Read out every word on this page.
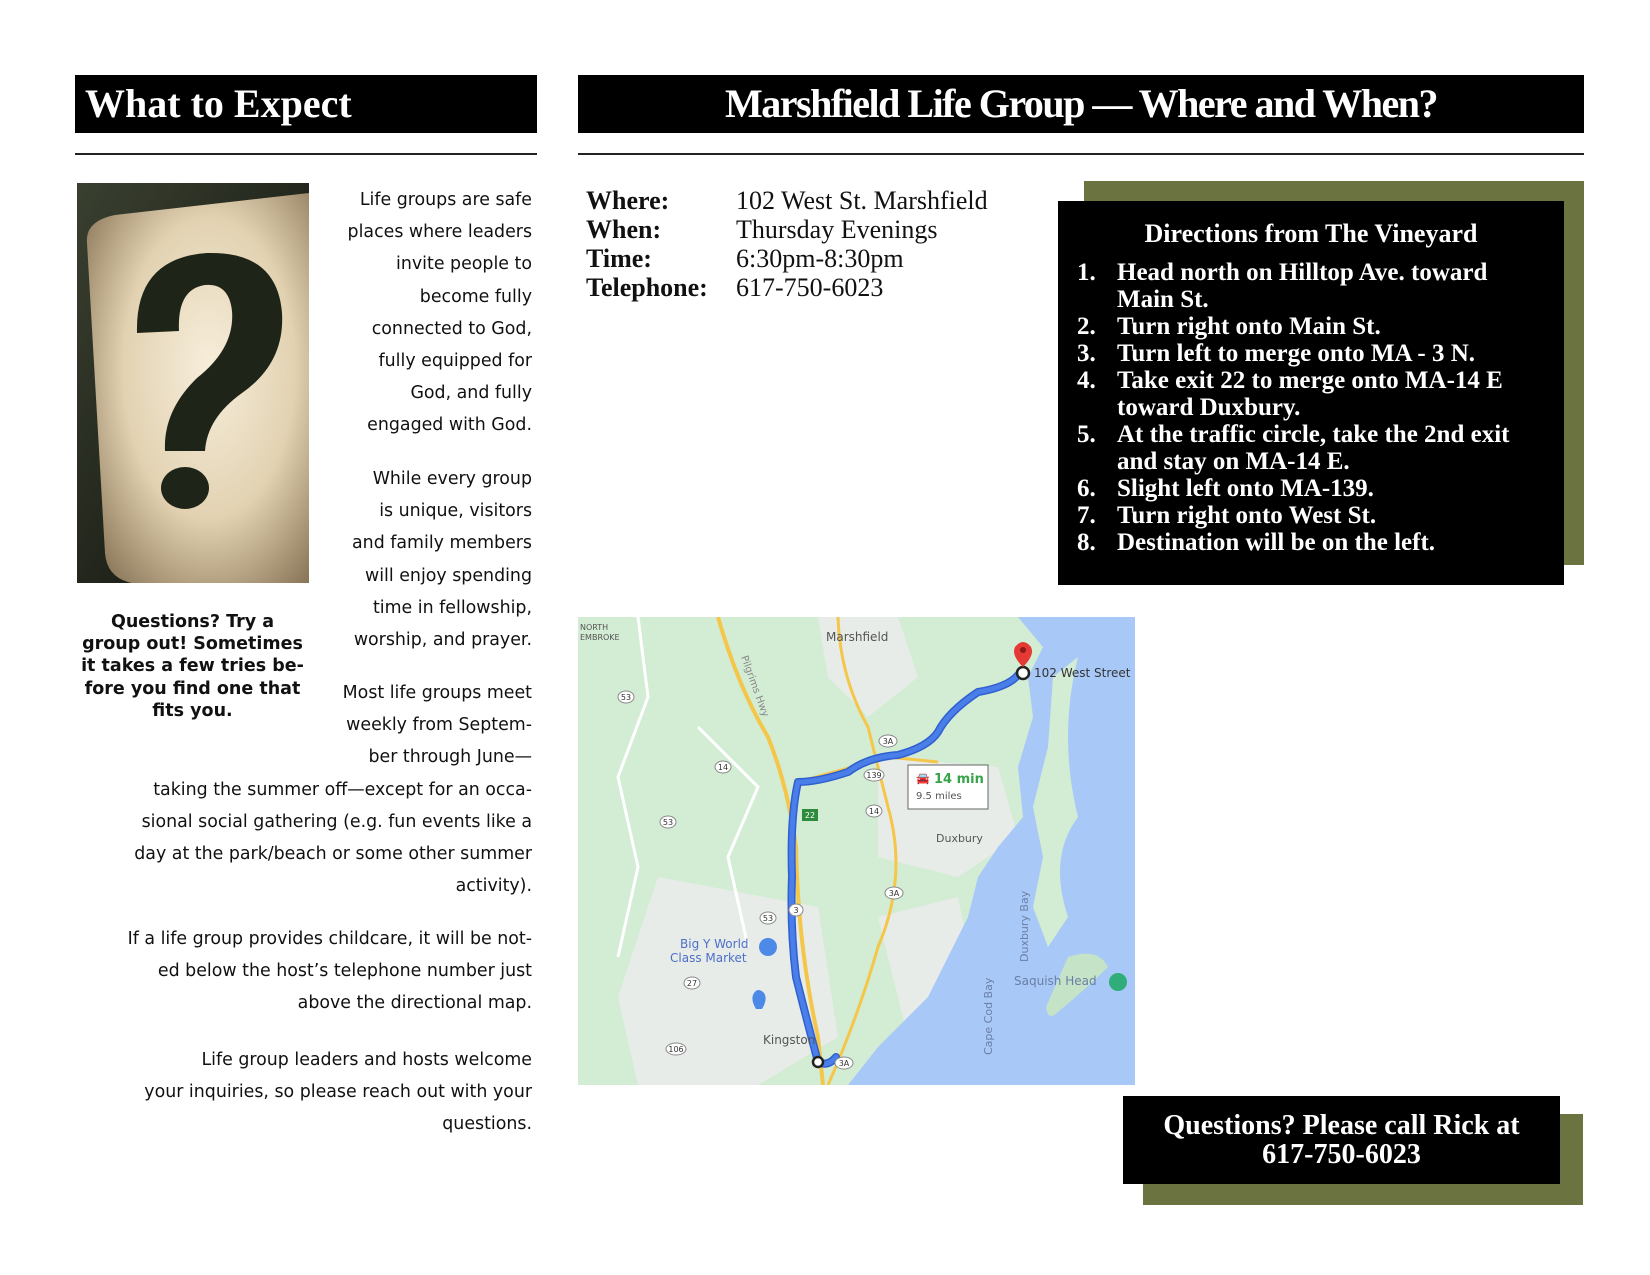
What to Expect
Questions? Try a
group out! Sometimes
it takes a few tries be-
fore you find one that
fits you.
Life groups are safe
places where leaders
invite people to
become fully
connected to God,
fully equipped for
God, and fully
engaged with God.
While every group
is unique, visitors
and family members
will enjoy spending
time in fellowship,
worship, and prayer.
Most life groups meet
weekly from Septem-
ber through June—
taking the summer off—except for an occa-
sional social gathering (e.g. fun events like a
day at the park/beach or some other summer
activity).
If a life group provides childcare, it will be not-
ed below the host’s telephone number just
above the directional map.
Life group leaders and hosts welcome
your inquiries, so please reach out with your
questions.
Marshfield Life Group — Where and When?
Where:	102 West St. Marshfield
When:	Thursday Evenings
Time:	6:30pm-8:30pm
Telephone: 617-750-6023
Directions from The Vineyard
1. Head north on Hilltop Ave. toward
Main St.
2. Turn right onto Main St.
3. Turn left to merge onto MA - 3 N.
4. Take exit 22 to merge onto MA-14 E
toward Duxbury.
5. At the traffic circle, take the 2nd exit
and stay on MA-14 E.
6. Slight left onto MA-139.
7. Turn right onto West St.
8. Destination will be on the left.
🚘 14 min
9.5 miles
Marshfield
NORTH
EMBROKE
102 West Street
Duxbury
Duxbury Bay
Saquish Head
Cape Cod Bay
Kingston
Big Y World
Class Market
Pilgrims Hwy
53
14
53
3A
139
14
22
3A
53
3
27
106
3A
Questions? Please call Rick at
617-750-6023
